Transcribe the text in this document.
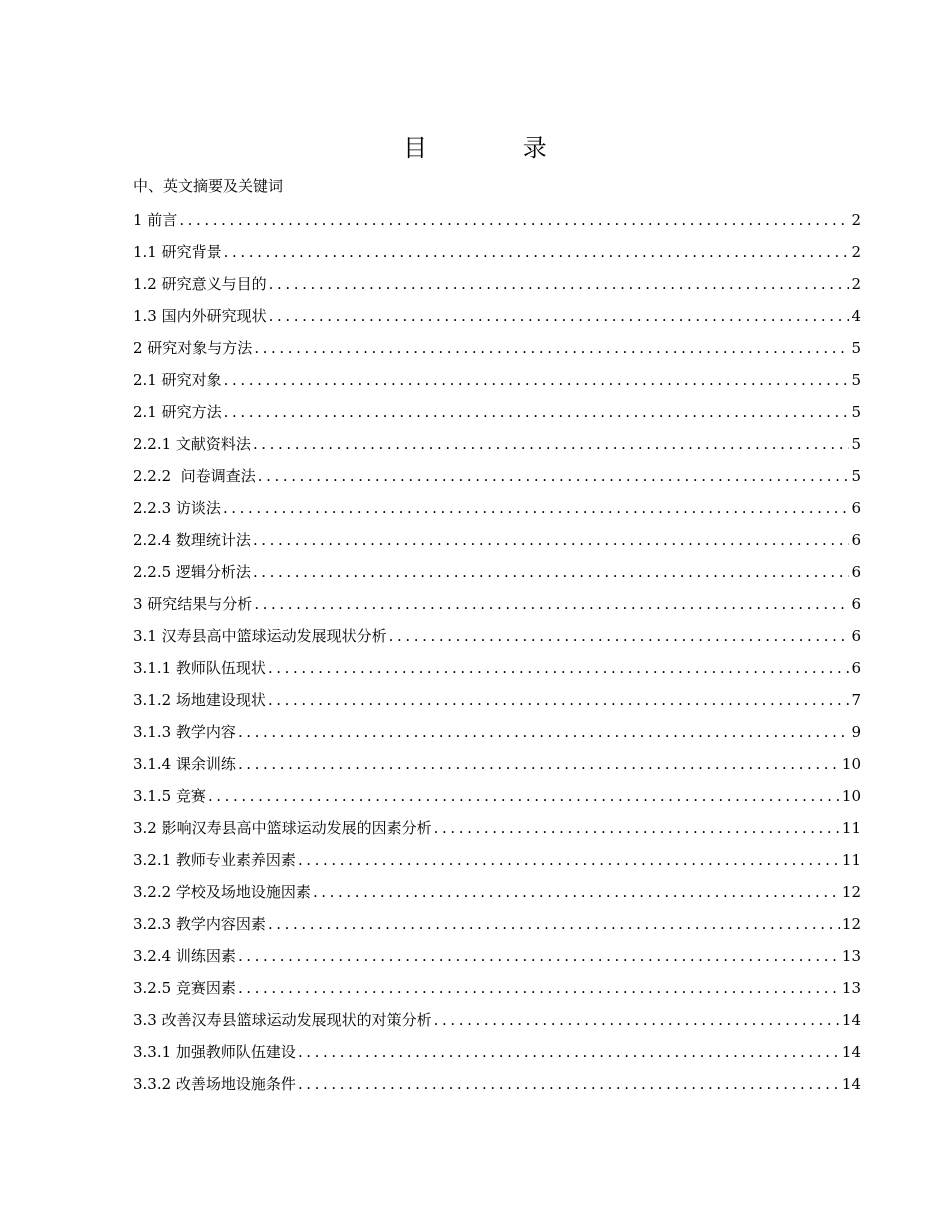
目 录
中、英文摘要及关键词
1 前言 .....	2
1.1 研究背景 .....	2
1.2 研究意义与目的 .....	2
1.3 国内外研究现状 .....	4
2 研究对象与方法 .....	5
2.1 研究对象 .....	5
2.1 研究方法 .....	5
2.2.1 文献资料法 .....	5
2.2.2  问卷调查法 .....	5
2.2.3 访谈法 .....	6
2.2.4 数理统计法 .....	6
2.2.5 逻辑分析法 .....	6
3 研究结果与分析 .....	6
3.1 汉寿县高中篮球运动发展现状分析 .....	6
3.1.1 教师队伍现状 .....	6
3.1.2 场地建设现状 .....	7
3.1.3 教学内容 .....	9
3.1.4 课余训练 .....	10
3.1.5 竞赛 .....	10
3.2 影响汉寿县高中篮球运动发展的因素分析 .....	11
3.2.1 教师专业素养因素 .....	11
3.2.2 学校及场地设施因素 .....	12
3.2.3 教学内容因素 .....	12
3.2.4 训练因素 .....	13
3.2.5 竞赛因素 .....	13
3.3 改善汉寿县篮球运动发展现状的对策分析 .....	14
3.3.1 加强教师队伍建设 .....	14
3.3.2 改善场地设施条件 .....	14
